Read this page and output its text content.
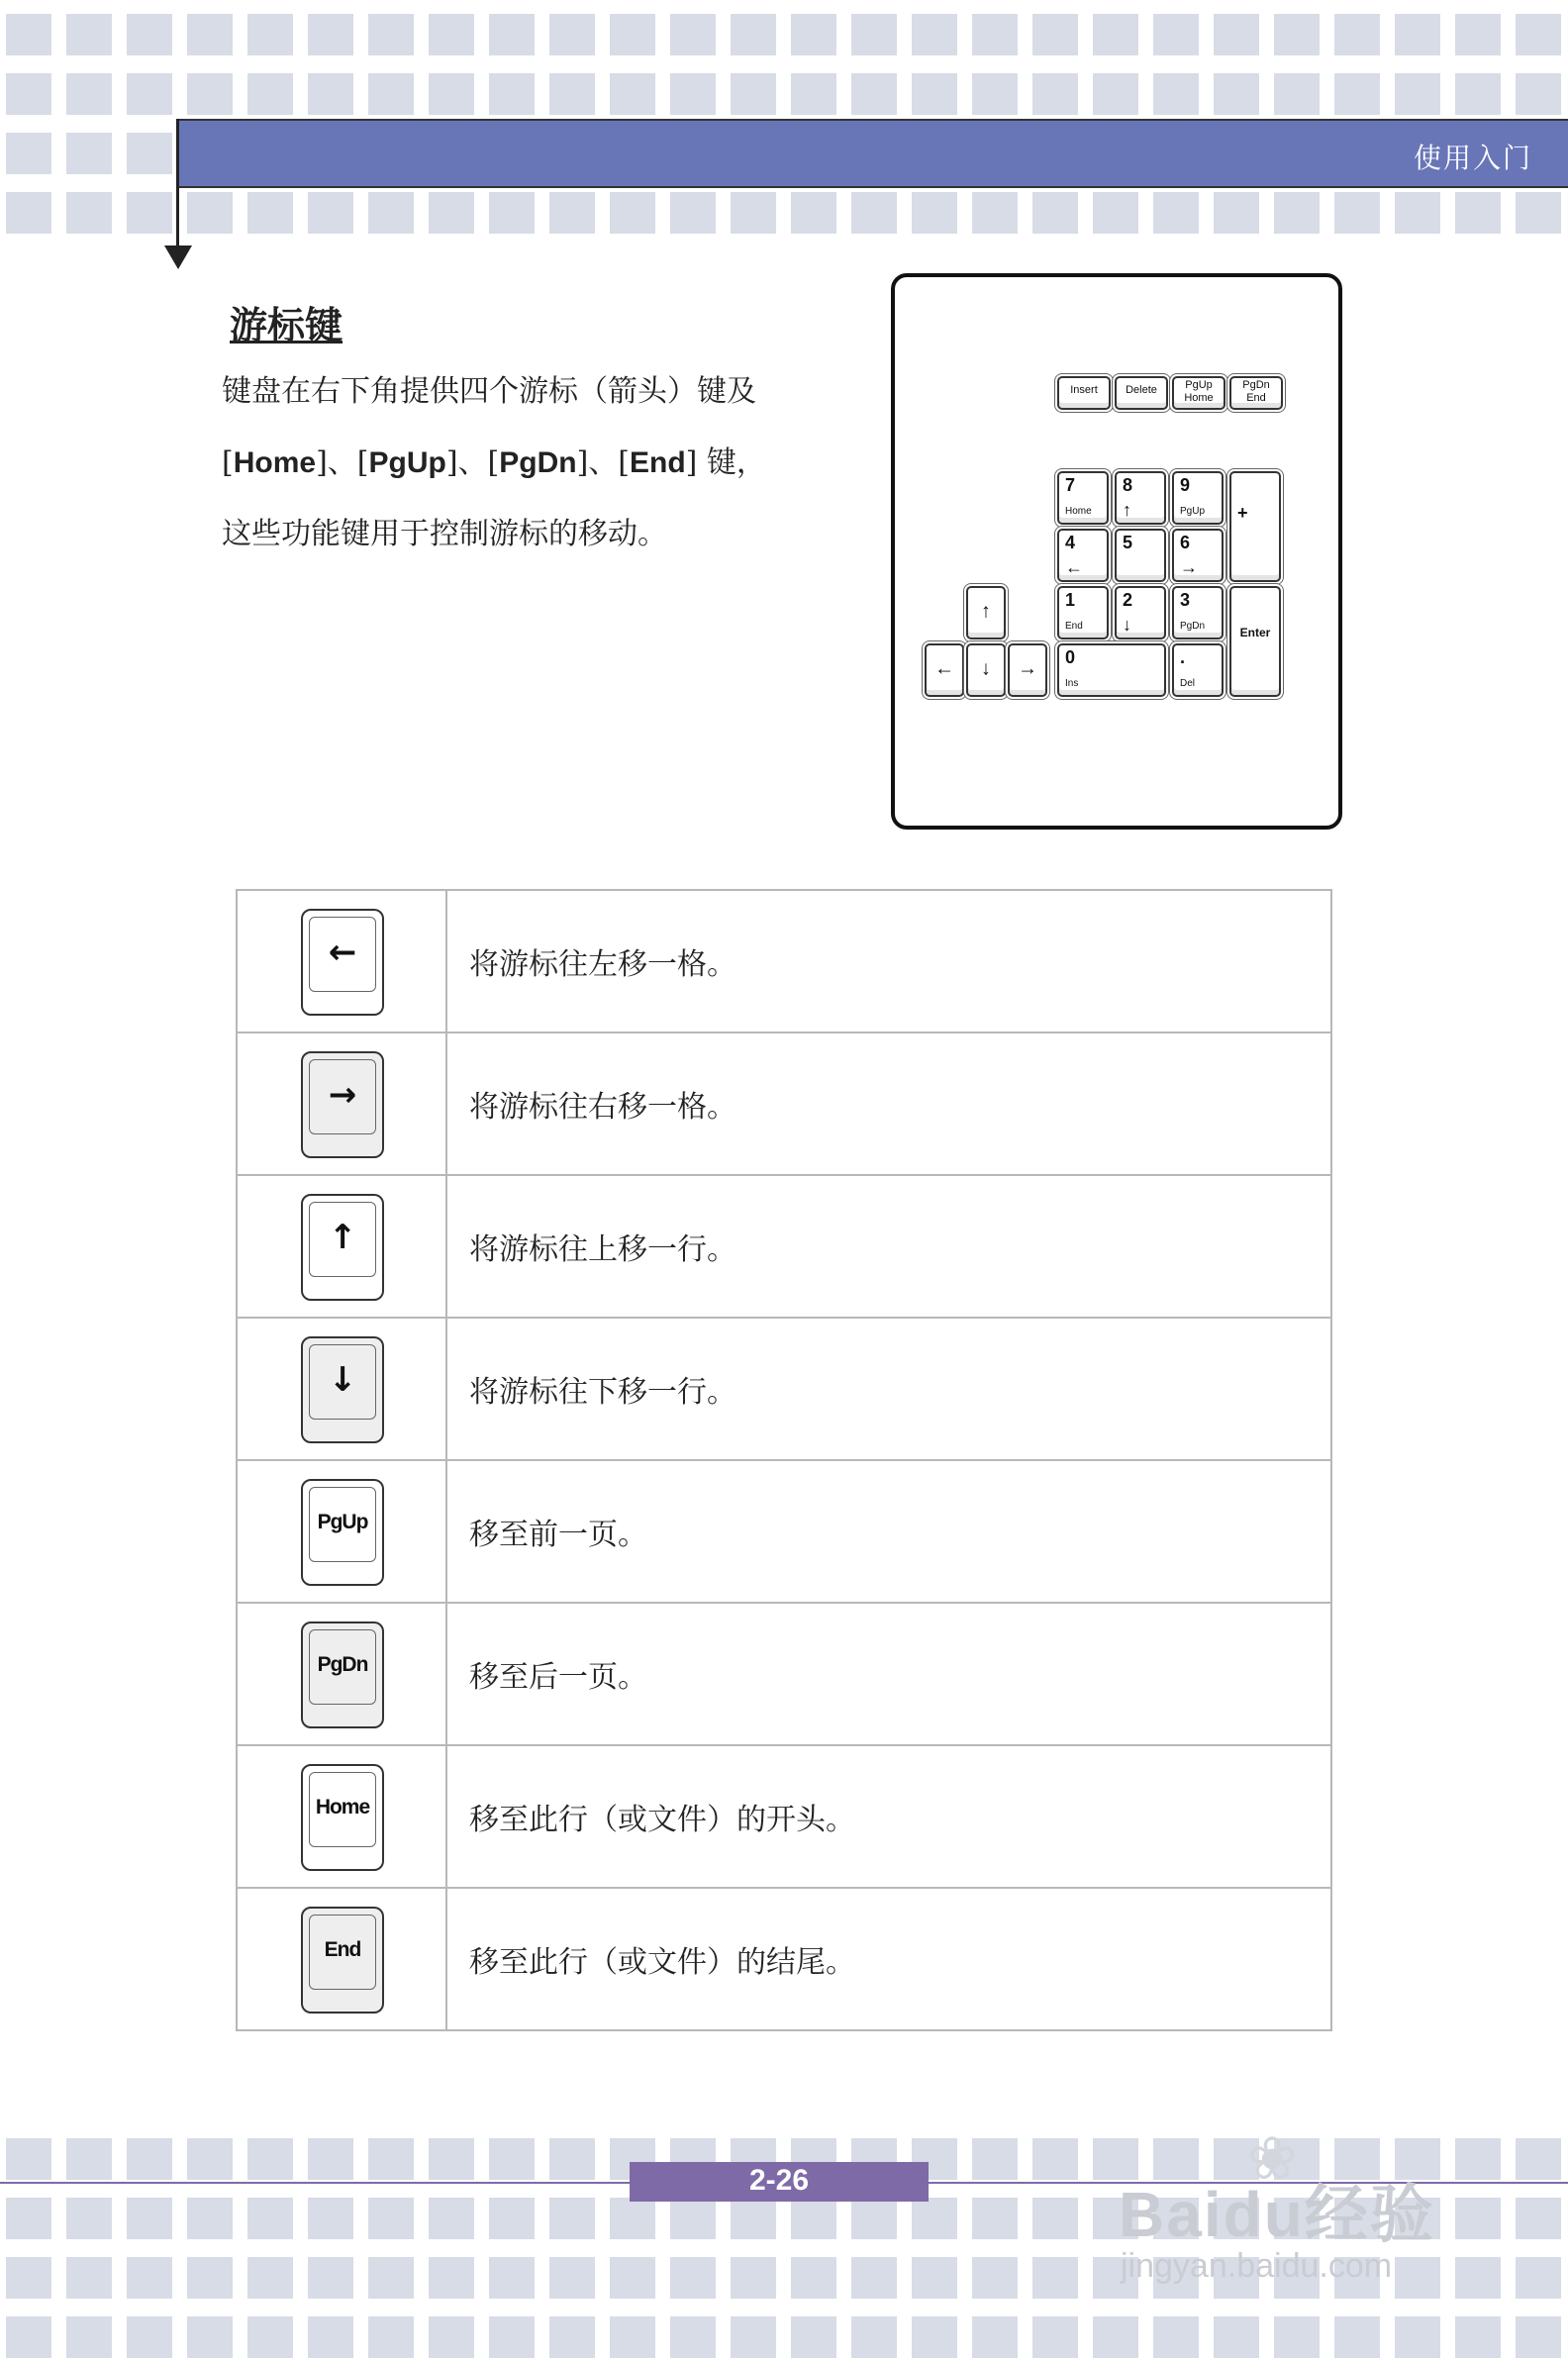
使用入门
游标键
键盘在右下角提供四个游标（箭头）键及
[Home]、[PgUp]、[PgDn]、[End] 键，
这些功能键用于控制游标的移动。
Insert	Delete	PgUp
Home
PgDn
End
7
Home
8
↑
9
PgUp +
4
←
5	6
→
1
End
2
↓
3
PgDn	Enter
0
Ins
.
Del
↑
←	↓	→
←	将游标往左移一格。

→	将游标往右移一格。

↑	将游标往上移一行。

↓	将游标往下移一行。

PgUp	移至前一页。

PgDn	移至后一页。

Home	移至此行（或文件）的开头。

End	移至此行（或文件）的结尾。
2-26	❀
Baidu经验
jingyan.baidu.com
